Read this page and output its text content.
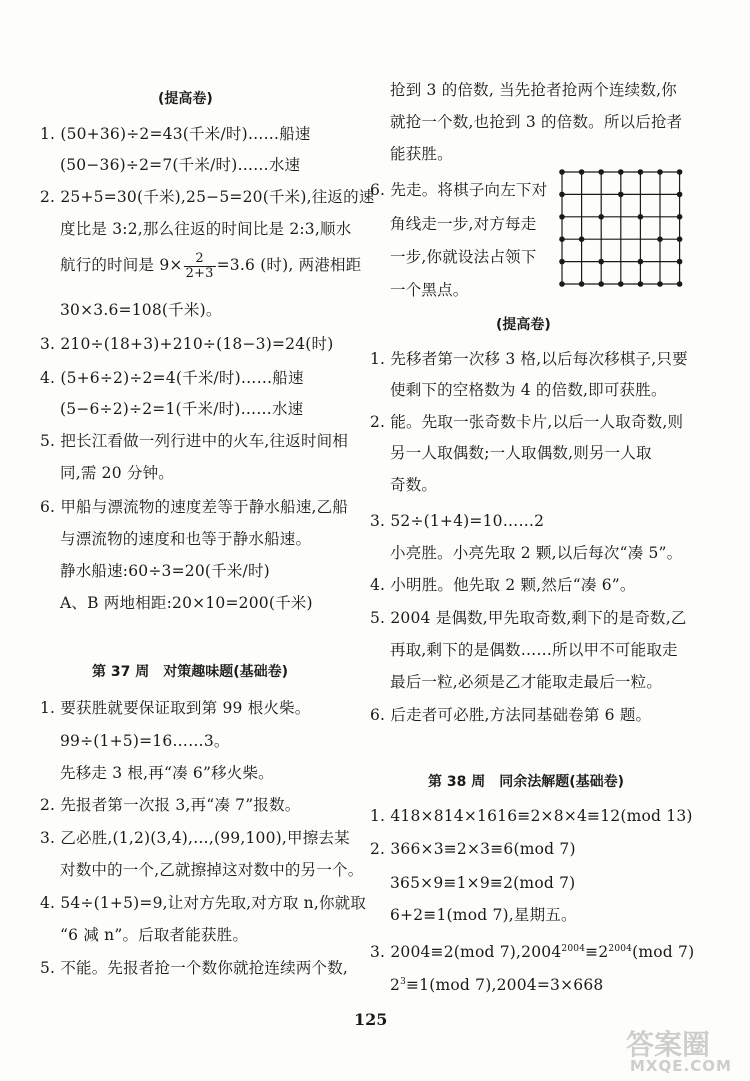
(提高卷)
1. (50+36)÷2=43(千米/时)……船速
(50−36)÷2=7(千米/时)……水速
2. 25+5=30(千米),25−5=20(千米),往返的速
度比是 3:2,那么往返的时间比是 2:3,顺水
航行的时间是 $9\times \frac{2}{2+3} =3.6$ (时), 两港相距
30×3.6=108(千米)。
3. 210÷(18+3)+210÷(18−3)=24(时)
4. (5+6÷2)÷2=4(千米/时)……船速
(5−6÷2)÷2=1(千米/时)……水速
5. 把长江看做一列行进中的火车,往返时间相
同,需 20 分钟。
6. 甲船与漂流物的速度差等于静水船速,乙船
与漂流物的速度和也等于静水船速。
静水船速:60÷3=20(千米/时)
A、B 两地相距:20×10=200(千米)
第 37 周　对策趣味题(基础卷)
1. 要获胜就要保证取到第 99 根火柴。
99÷(1+5)=16……3。
先移走 3 根,再“凑 6”移火柴。
2. 先报者第一次报 3,再“凑 7”报数。
3. 乙必胜,(1,2)(3,4),…,(99,100),甲擦去某
对数中的一个,乙就擦掉这对数中的另一个。
4. 54÷(1+5)=9,让对方先取,对方取 n,你就取
“6 减 n”。后取者能获胜。
5. 不能。先报者抢一个数你就抢连续两个数,
抢到 3 的倍数, 当先抢者抢两个连续数,你
就抢一个数,也抢到 3 的倍数。所以后抢者
能获胜。
6. 先走。将棋子向左下对
角线走一步,对方每走
一步,你就设法占领下
一个黑点。
(提高卷)
1. 先移者第一次移 3 格,以后每次移棋子,只要
使剩下的空格数为 4 的倍数,即可获胜。
2. 能。先取一张奇数卡片,以后一人取奇数,则
另一人取偶数;一人取偶数,则另一人取
奇数。
3. 52÷(1+4)=10……2
小亮胜。小亮先取 2 颗,以后每次“凑 5”。
4. 小明胜。他先取 2 颗,然后“凑 6”。
5. 2004 是偶数,甲先取奇数,剩下的是奇数,乙
再取,剩下的是偶数……所以甲不可能取走
最后一粒,必须是乙才能取走最后一粒。
6. 后走者可必胜,方法同基础卷第 6 题。
第 38 周　同余法解题(基础卷)
1. 418×814×1616≡2×8×4≡12(mod 13)
2. 366×3≡2×3≡6(mod 7)
365×9≡1×9≡2(mod 7)
6+2≡1(mod 7),星期五。
3. 2004≡2(mod $7),2004^{2004}\equiv 2^{2004}(mod$ 7)
$2^3\equiv 1(mod$ 7),2004=3×668
125
答案圈
MXQE.COM
